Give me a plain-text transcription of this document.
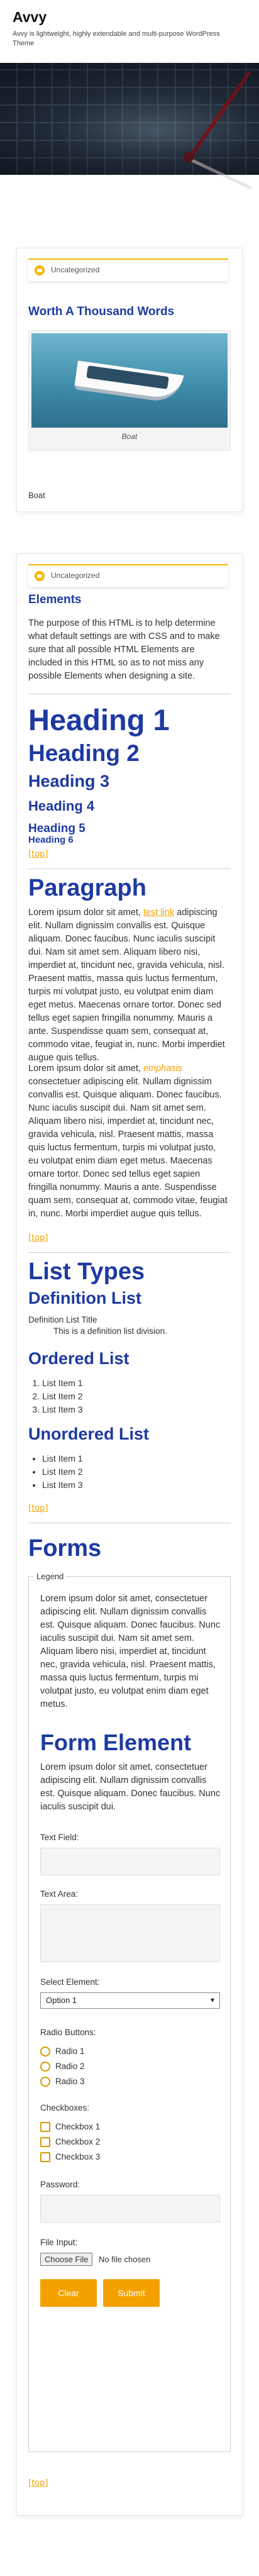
Avvy
Avvy is lightweight, highly extendable and multi-purpose WordPress Theme
Home /
Uncategorized
Worth A Thousand Words
Boat

Boat

Uncategorized
Elements

The purpose of this HTML is to help determine what default settings are with CSS and to make sure that all possible HTML Elements are included in this HTML so as to not miss any possible Elements when designing a site.

Heading 1
Heading 2
Heading 3
Heading 4
Heading 5
Heading 6
[top]
Paragraph

Lorem ipsum dolor sit amet, test link adipiscing elit. Nullam dignissim convallis est. Quisque aliquam. Donec faucibus. Nunc iaculis suscipit dui. Nam sit amet sem. Aliquam libero nisi, imperdiet at, tincidunt nec, gravida vehicula, nisl. Praesent mattis, massa quis luctus fermentum, turpis mi volutpat justo, eu volutpat enim diam eget metus. Maecenas ornare tortor. Donec sed tellus eget sapien fringilla nonummy. Mauris a ante. Suspendisse quam sem, consequat at, commodo vitae, feugiat in, nunc. Morbi imperdiet augue quis tellus.

Lorem ipsum dolor sit amet, emphasis consectetuer adipiscing elit. Nullam dignissim convallis est. Quisque aliquam. Donec faucibus. Nunc iaculis suscipit dui. Nam sit amet sem. Aliquam libero nisi, imperdiet at, tincidunt nec, gravida vehicula, nisl. Praesent mattis, massa quis luctus fermentum, turpis mi volutpat justo, eu volutpat enim diam eget metus. Maecenas ornare tortor. Donec sed tellus eget sapien fringilla nonummy. Mauris a ante. Suspendisse quam sem, consequat at, commodo vitae, feugiat in, nunc. Morbi imperdiet augue quis tellus.

[top]
List Types
Definition List
Definition List Title
This is a definition list division.
Ordered List
1. List Item 1
2. List Item 2
3. List Item 3
Unordered List
• List Item 1
• List Item 2
• List Item 3
[top]
Forms
Legend

Lorem ipsum dolor sit amet, consectetuer adipiscing elit. Nullam dignissim convallis est. Quisque aliquam. Donec faucibus. Nunc iaculis suscipit dui. Nam sit amet sem. Aliquam libero nisi, imperdiet at, tincidunt nec, gravida vehicula, nisl. Praesent mattis, massa quis luctus fermentum, turpis mi volutpat justo, eu volutpat enim diam eget metus.

Form Element

Lorem ipsum dolor sit amet, consectetuer adipiscing elit. Nullam dignissim convallis est. Quisque aliquam. Donec faucibus. Nunc iaculis suscipit dui.

Text Field:
Text Area:
Select Element:
Option 1	▾
Radio Buttons:
Radio 1
Radio 2
Radio 3
Checkboxes:
Checkbox 1
Checkbox 2
Checkbox 3
Password:
File Input:
Choose File No file chosen
Clear	Submit
[top]
